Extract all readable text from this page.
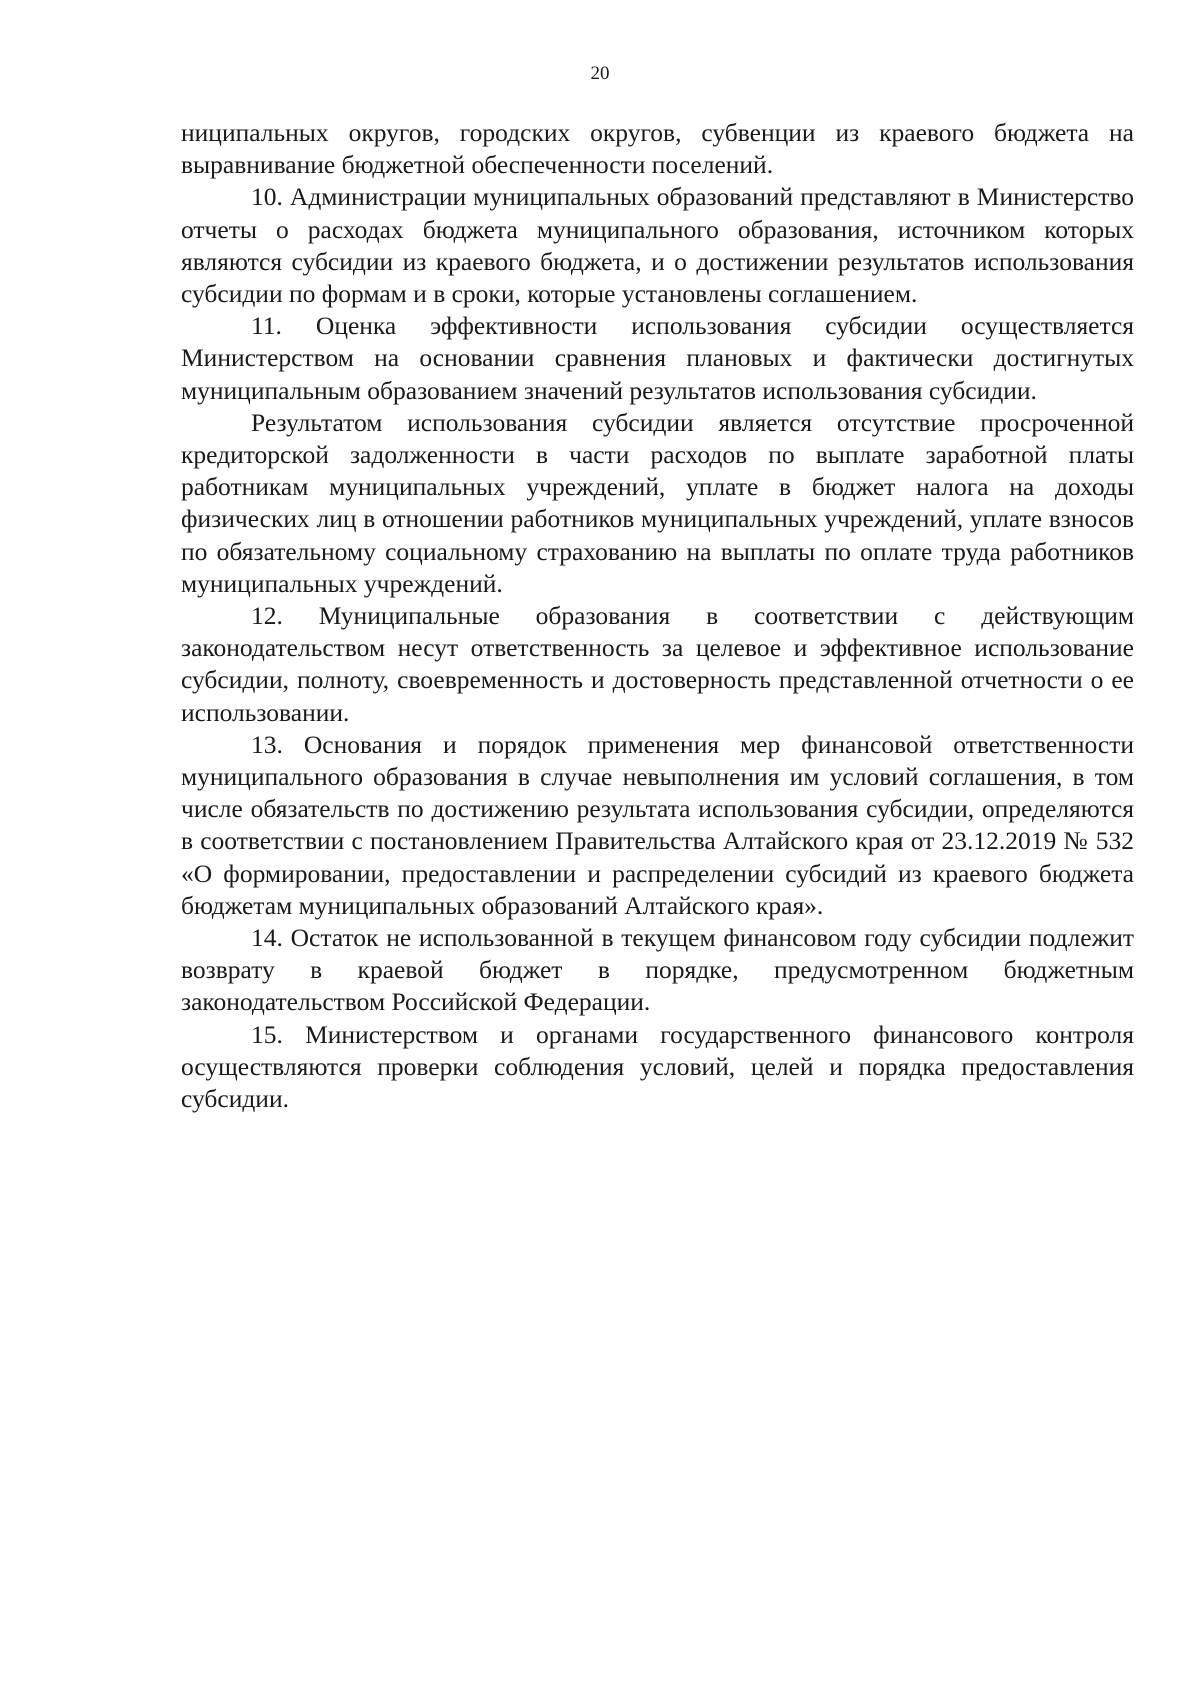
20

ниципальных округов, городских округов, субвенции из краевого бюджета на выравнивание бюджетной обеспеченности поселений.

10. Администрации муниципальных образований представляют в Министерство отчеты о расходах бюджета муниципального образования, источником которых являются субсидии из краевого бюджета, и о достижении результатов использования субсидии по формам и в сроки, которые установлены соглашением.

11. Оценка эффективности использования субсидии осуществляется Министерством на основании сравнения плановых и фактически достигнутых муниципальным образованием значений результатов использования субсидии.

Результатом использования субсидии является отсутствие просроченной кредиторской задолженности в части расходов по выплате заработной платы работникам муниципальных учреждений, уплате в бюджет налога на доходы физических лиц в отношении работников муниципальных учреждений, уплате взносов по обязательному социальному страхованию на выплаты по оплате труда работников муниципальных учреждений.

12. Муниципальные образования в соответствии с действующим законодательством несут ответственность за целевое и эффективное использование субсидии, полноту, своевременность и достоверность представленной отчетности о ее использовании.

13. Основания и порядок применения мер финансовой ответственности муниципального образования в случае невыполнения им условий соглашения, в том числе обязательств по достижению результата использования субсидии, определяются в соответствии с постановлением Правительства Алтайского края от 23.12.2019 № 532 «О формировании, предоставлении и распределении субсидий из краевого бюджета бюджетам муниципальных образований Алтайского края».

14. Остаток не использованной в текущем финансовом году субсидии подлежит возврату в краевой бюджет в порядке, предусмотренном бюджетным законодательством Российской Федерации.

15. Министерством и органами государственного финансового контроля осуществляются проверки соблюдения условий, целей и порядка предоставления субсидии.
